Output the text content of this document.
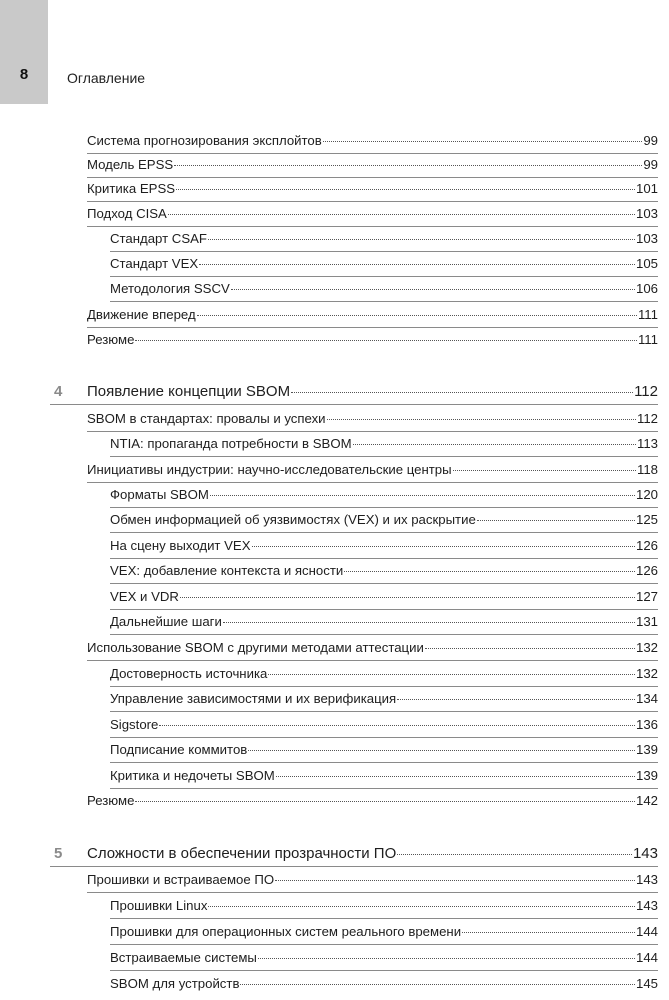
8	Оглавление
Система прогнозирования эксплойтов	99
Модель EPSS	99
Критика EPSS	101
Подход CISA	103
Стандарт CSAF	103
Стандарт VEX	105
Методология SSCV	106
Движение вперед	111
Резюме	111
4 Появление концепции SBOM	112
SBOM в стандартах: провалы и успехи	112
NTIA: пропаганда потребности в SBOM	113
Инициативы индустрии: научно-исследовательские центры	118
Форматы SBOM	120
Обмен информацией об уязвимостях (VEX) и их раскрытие	125
На сцену выходит VEX	126
VEX: добавление контекста и ясности	126
VEX и VDR	127
Дальнейшие шаги	131
Использование SBOM с другими методами аттестации	132
Достоверность источника	132
Управление зависимостями и их верификация	134
Sigstore	136
Подписание коммитов	139
Критика и недочеты SBOM	139
Резюме	142
5 Сложности в обеспечении прозрачности ПО	143
Прошивки и встраиваемое ПО	143
Прошивки Linux	143
Прошивки для операционных систем реального времени	144
Встраиваемые системы	144
SBOM для устройств	145
